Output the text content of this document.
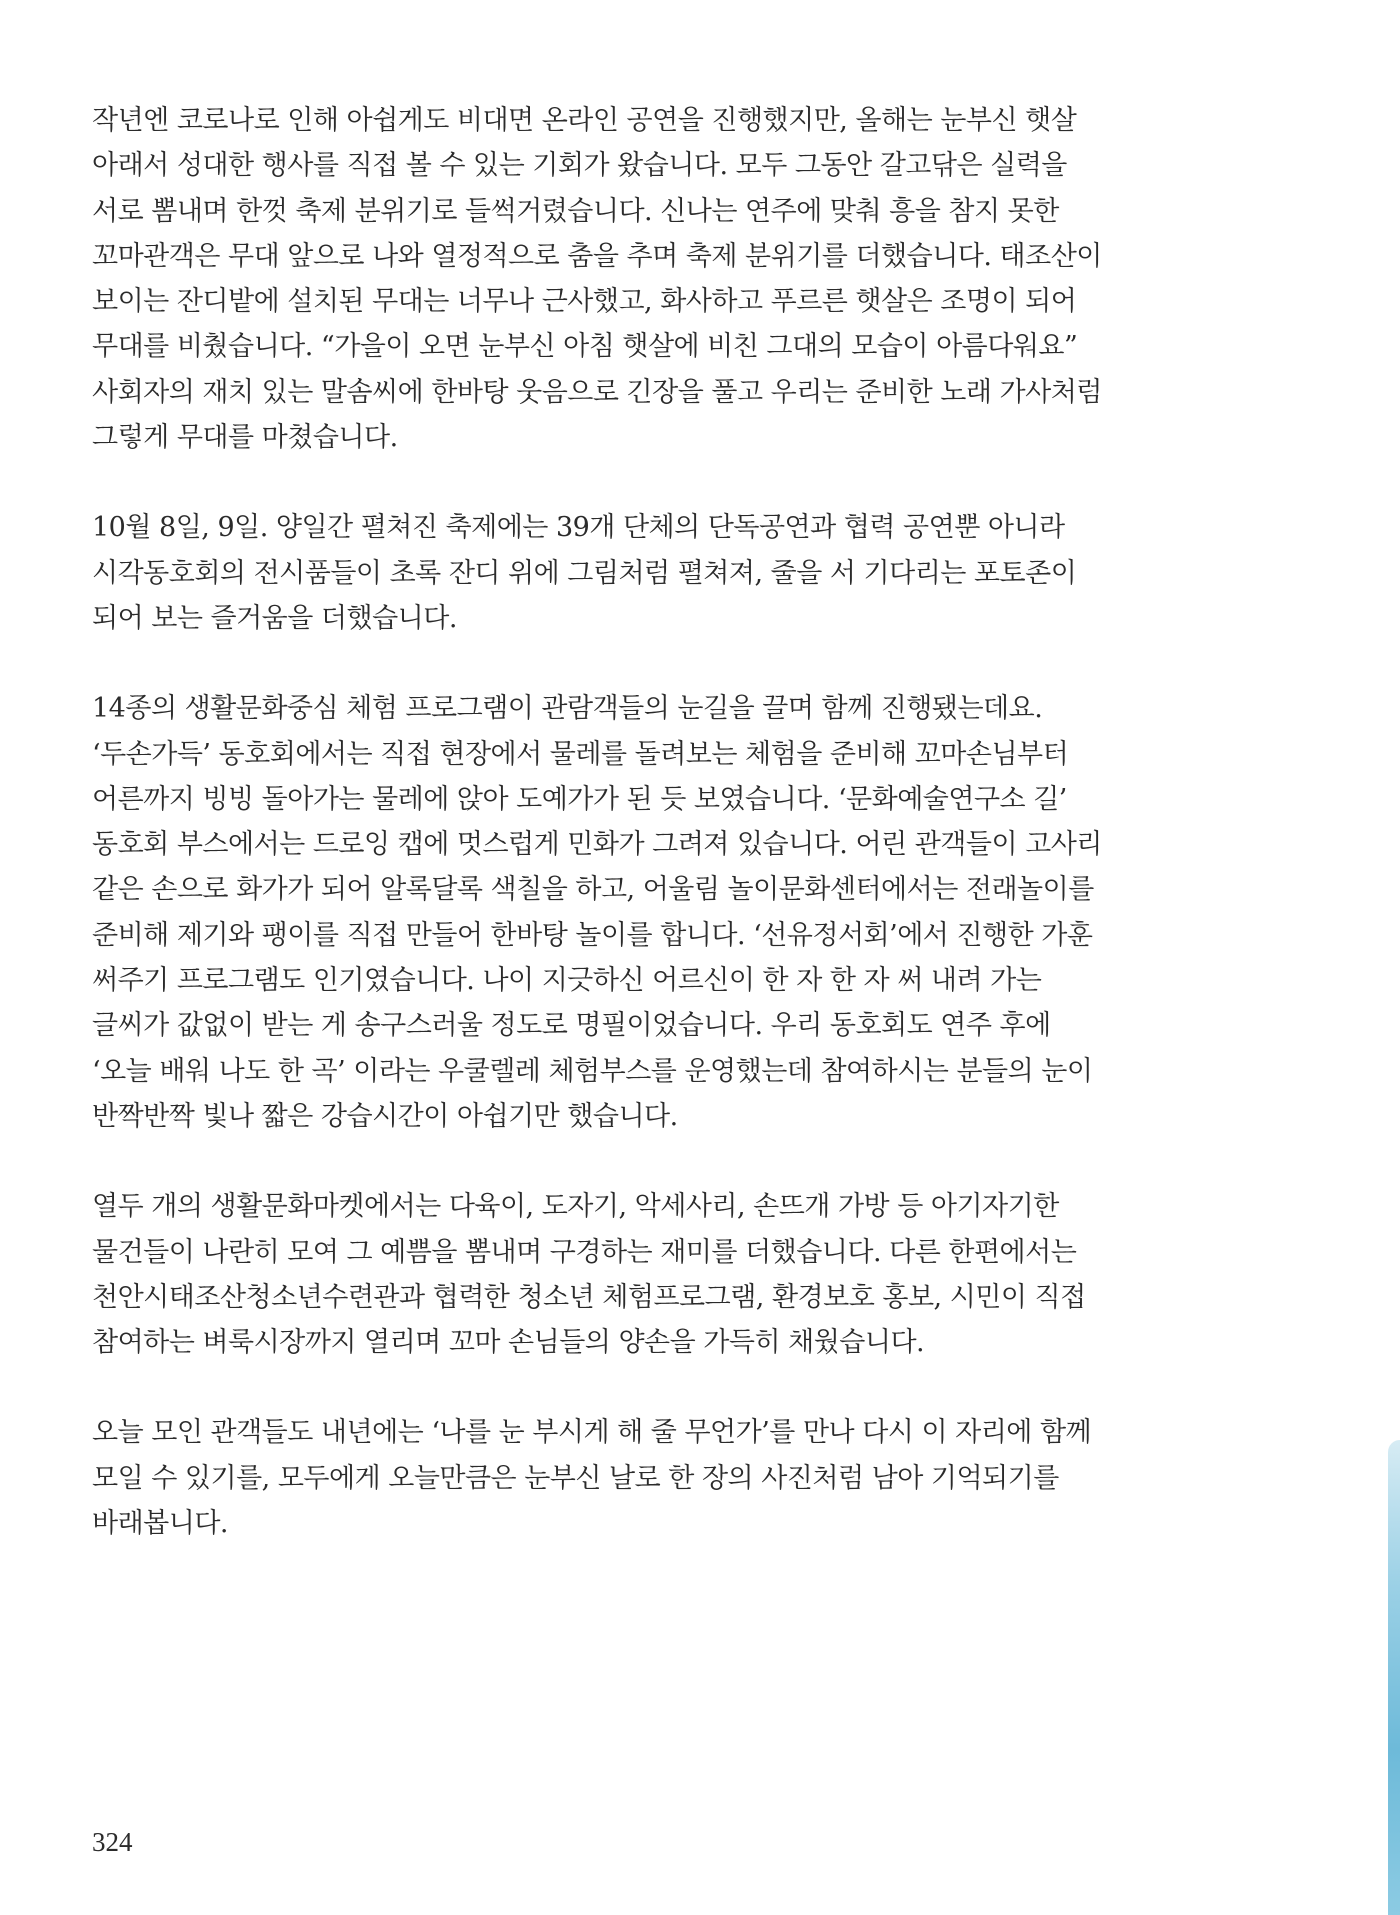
작년엔 코로나로 인해 아쉽게도 비대면 온라인 공연을 진행했지만, 올해는 눈부신 햇살
아래서 성대한 행사를 직접 볼 수 있는 기회가 왔습니다. 모두 그동안 갈고닦은 실력을
서로 뽐내며 한껏 축제 분위기로 들썩거렸습니다. 신나는 연주에 맞춰 흥을 참지 못한
꼬마관객은 무대 앞으로 나와 열정적으로 춤을 추며 축제 분위기를 더했습니다. 태조산이
보이는 잔디밭에 설치된 무대는 너무나 근사했고, 화사하고 푸르른 햇살은 조명이 되어
무대를 비췄습니다. “가을이 오면 눈부신 아침 햇살에 비친 그대의 모습이 아름다워요”
사회자의 재치 있는 말솜씨에 한바탕 웃음으로 긴장을 풀고 우리는 준비한 노래 가사처럼
그렇게 무대를 마쳤습니다.

10월 8일, 9일. 양일간 펼쳐진 축제에는 39개 단체의 단독공연과 협력 공연뿐 아니라
시각동호회의 전시품들이 초록 잔디 위에 그림처럼 펼쳐져, 줄을 서 기다리는 포토존이
되어 보는 즐거움을 더했습니다.

14종의 생활문화중심 체험 프로그램이 관람객들의 눈길을 끌며 함께 진행됐는데요.
‘두손가득’ 동호회에서는 직접 현장에서 물레를 돌려보는 체험을 준비해 꼬마손님부터
어른까지 빙빙 돌아가는 물레에 앉아 도예가가 된 듯 보였습니다. ‘문화예술연구소 길’
동호회 부스에서는 드로잉 캡에 멋스럽게 민화가 그려져 있습니다. 어린 관객들이 고사리
같은 손으로 화가가 되어 알록달록 색칠을 하고, 어울림 놀이문화센터에서는 전래놀이를
준비해 제기와 팽이를 직접 만들어 한바탕 놀이를 합니다. ‘선유정서회’에서 진행한 가훈
써주기 프로그램도 인기였습니다. 나이 지긋하신 어르신이 한 자 한 자 써 내려 가는
글씨가 값없이 받는 게 송구스러울 정도로 명필이었습니다. 우리 동호회도 연주 후에
‘오늘 배워 나도 한 곡’ 이라는 우쿨렐레 체험부스를 운영했는데 참여하시는 분들의 눈이
반짝반짝 빛나 짧은 강습시간이 아쉽기만 했습니다.

열두 개의 생활문화마켓에서는 다육이, 도자기, 악세사리, 손뜨개 가방 등 아기자기한
물건들이 나란히 모여 그 예쁨을 뽐내며 구경하는 재미를 더했습니다. 다른 한편에서는
천안시태조산청소년수련관과 협력한 청소년 체험프로그램, 환경보호 홍보, 시민이 직접
참여하는 벼룩시장까지 열리며 꼬마 손님들의 양손을 가득히 채웠습니다.

오늘 모인 관객들도 내년에는 ‘나를 눈 부시게 해 줄 무언가’를 만나 다시 이 자리에 함께
모일 수 있기를, 모두에게 오늘만큼은 눈부신 날로 한 장의 사진처럼 남아 기억되기를
바래봅니다.

324
